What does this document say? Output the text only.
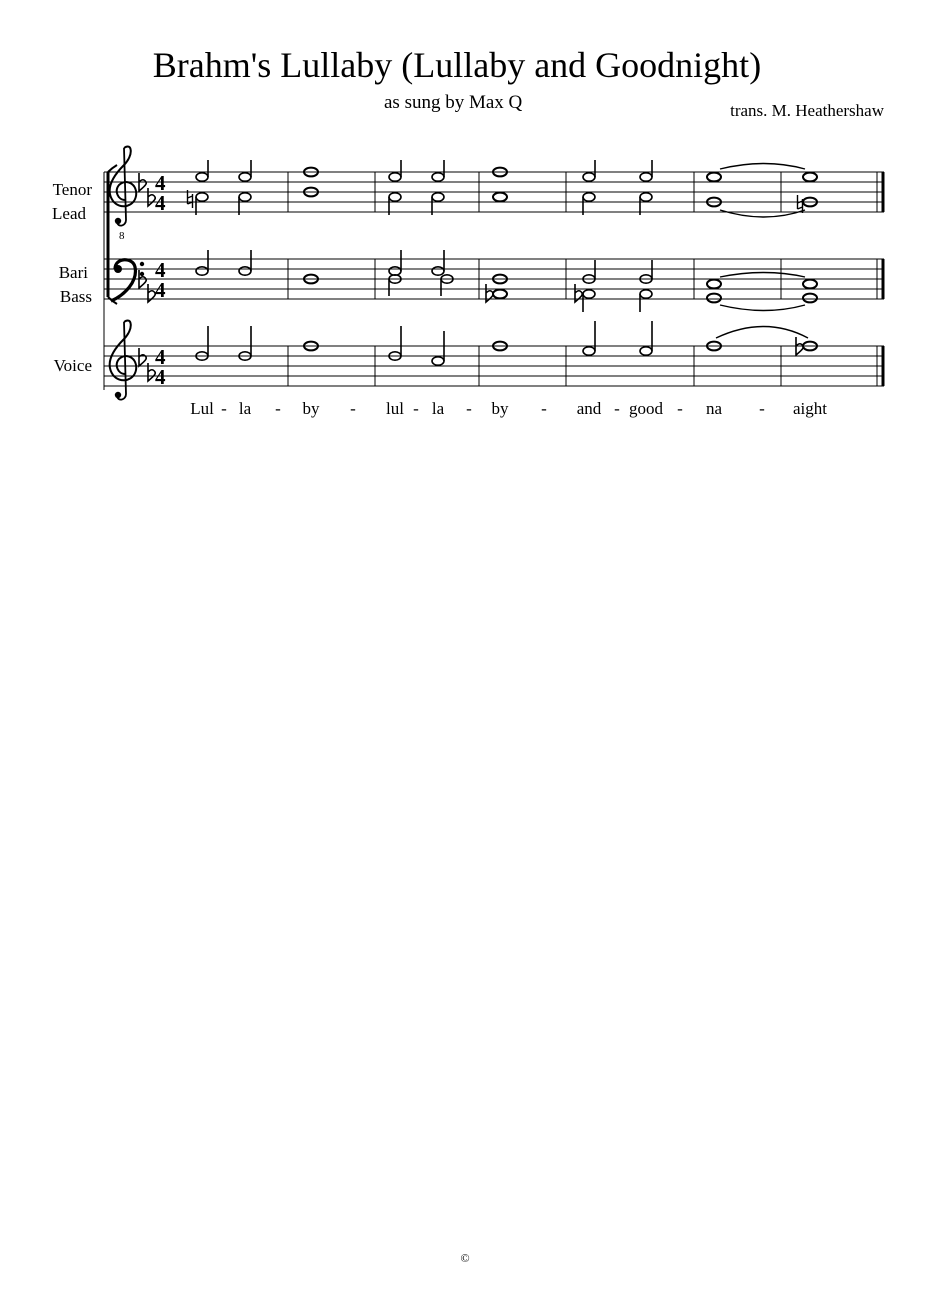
Brahm's Lullaby (Lullaby and Goodnight)
as sung by Max Q	trans. M. Heathershaw
Tenor
Lead
Bari
Bass
Voice
4
4
8
4
4
4
4
Lul - la - by - lul - la - by - and - good - na - aight
©
